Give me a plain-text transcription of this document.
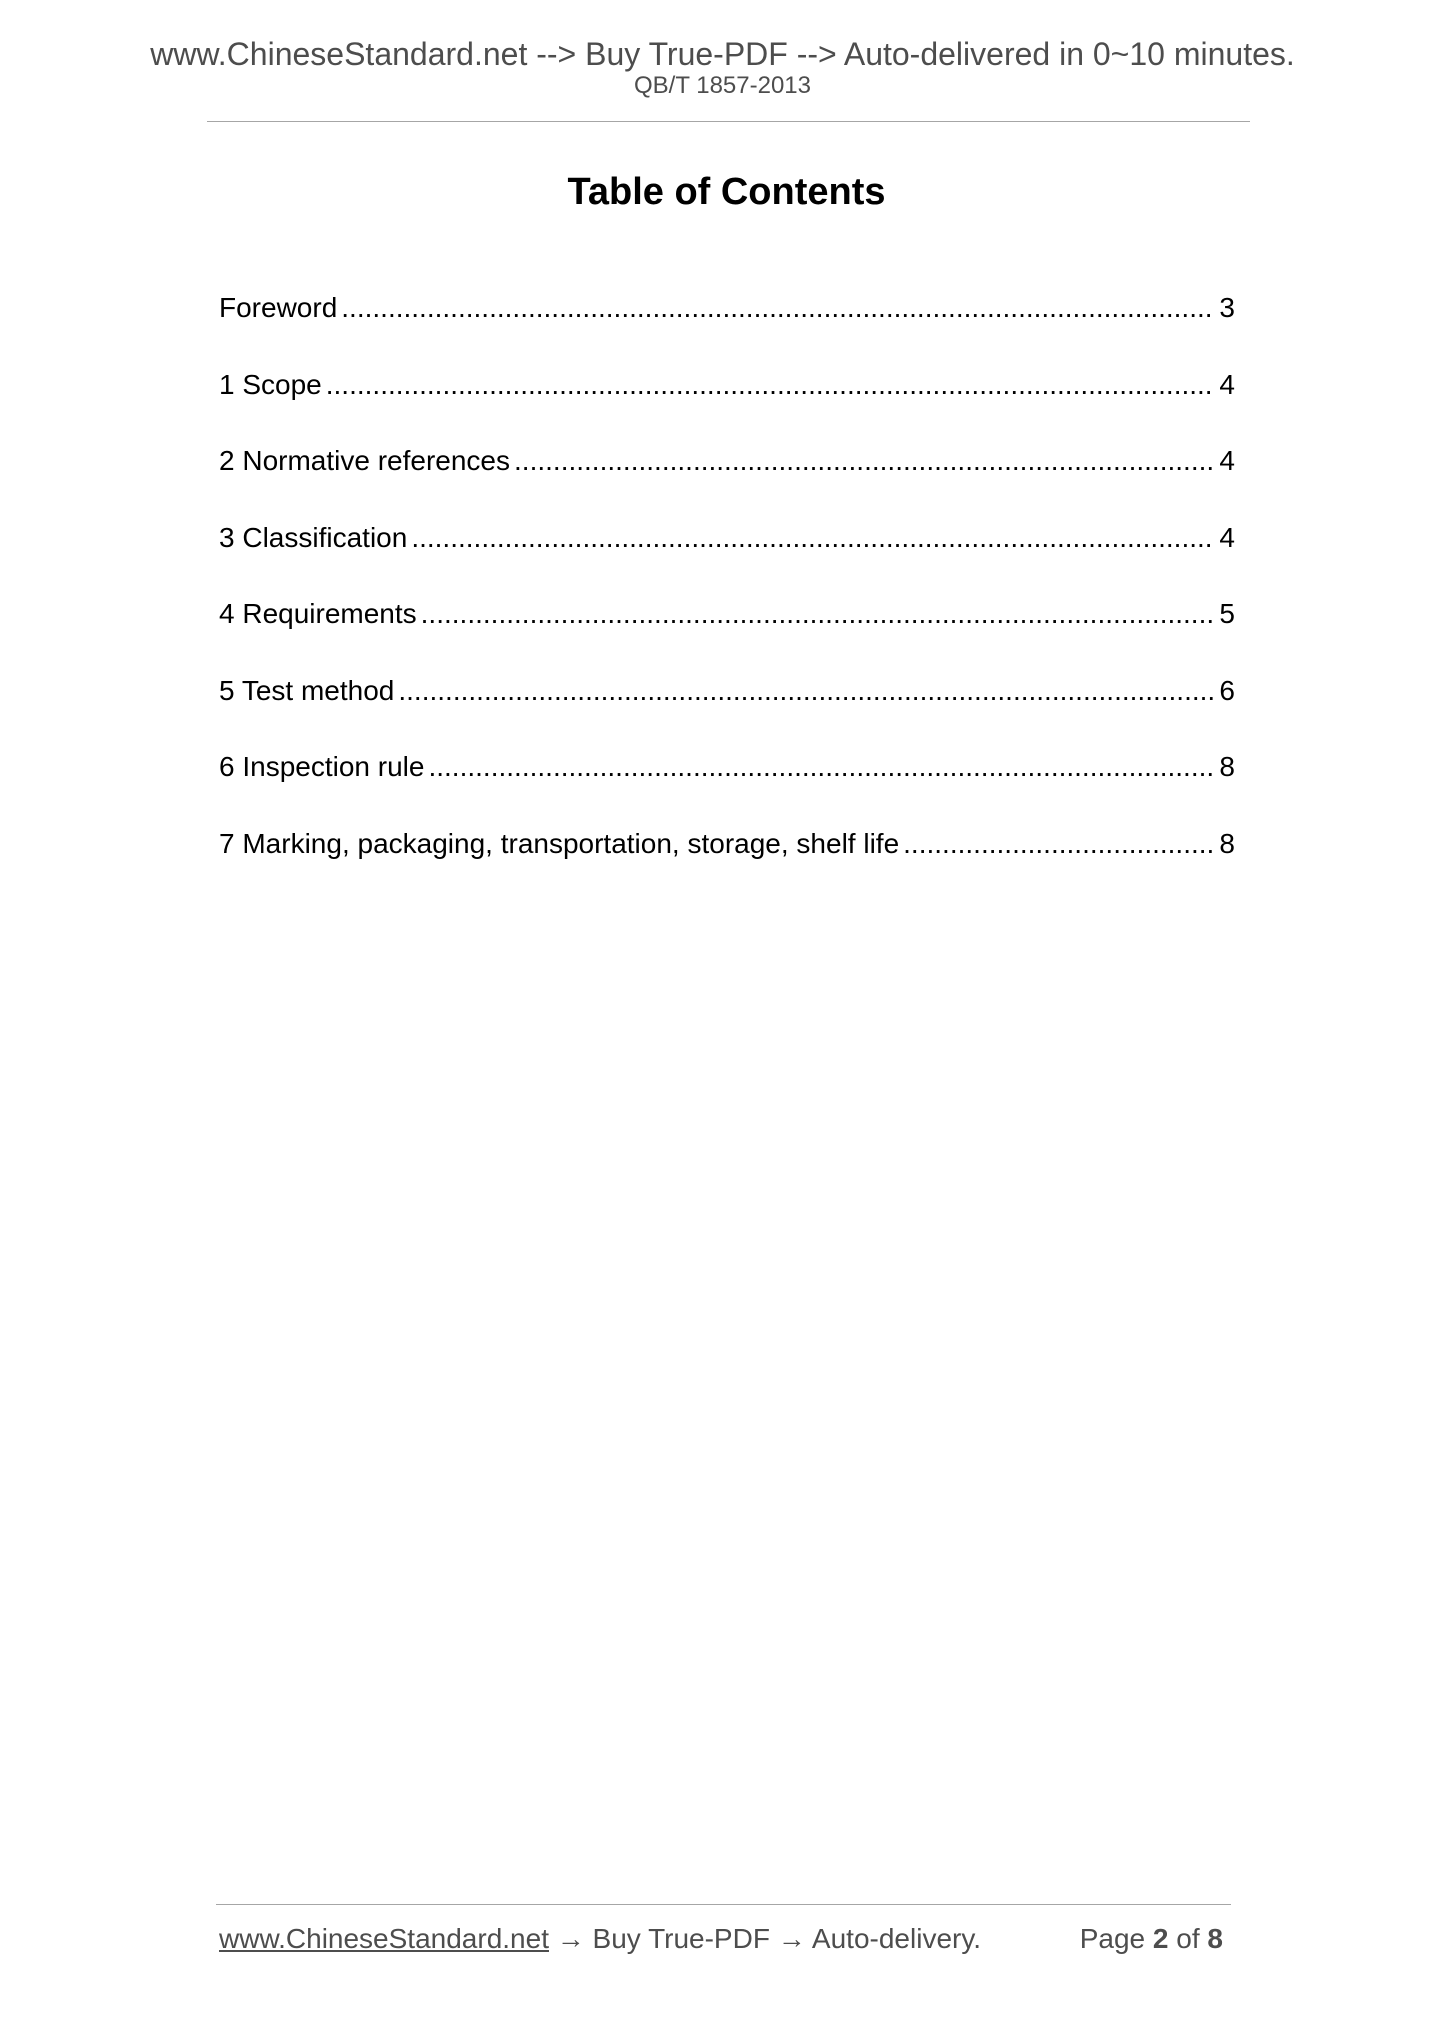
www.ChineseStandard.net --> Buy True-PDF --> Auto-delivered in 0~10 minutes.
QB/T 1857-2013
Table of Contents
Foreword .....	3
1 Scope .....	4
2 Normative references .....	4
3 Classification .....	4
4 Requirements .....	5
5 Test method .....	6
6 Inspection rule .....	8
7 Marking, packaging, transportation, storage, shelf life .....	8
www.ChineseStandard.net → Buy True-PDF → Auto-delivery.	Page 2 of 8
